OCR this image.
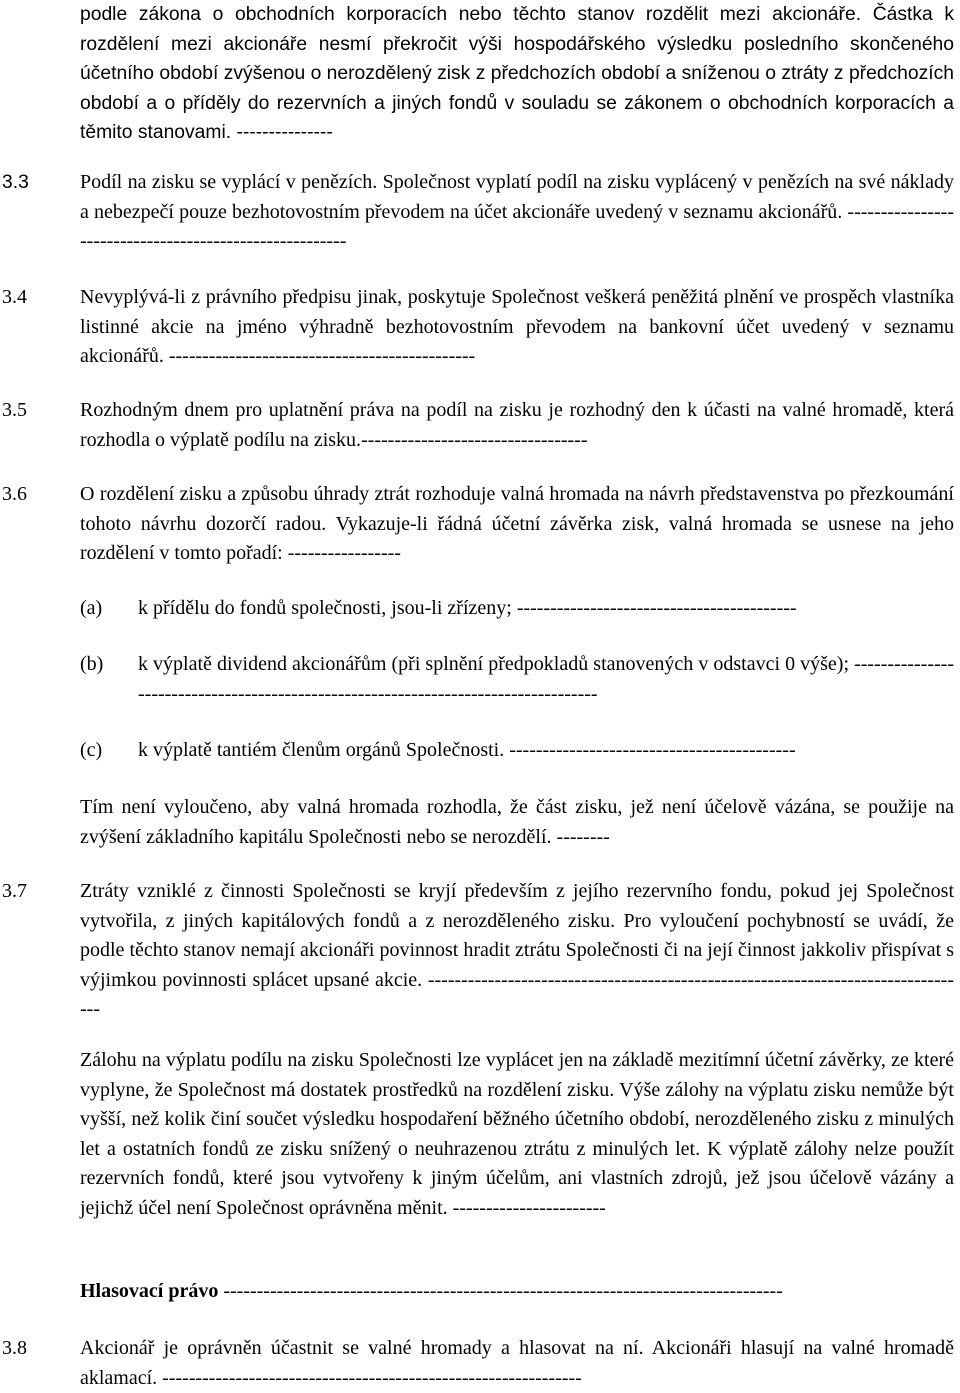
podle zákona o obchodních korporacích nebo těchto stanov rozdělit mezi akcionáře. Částka k rozdělení mezi akcionáře nesmí překročit výši hospodářského výsledku posledního skončeného účetního období zvýšenou o nerozdělený zisk z předchozích období a sníženou o ztráty z předchozích období a o příděly do rezervních a jiných fondů v souladu se zákonem o obchodních korporacích a těmito stanovami. ---------------
3.3	Podíl na zisku se vyplácí v penězích. Společnost vyplatí podíl na zisku vyplácený v penězích na své náklady a nebezpečí pouze bezhotovostním převodem na účet akcionáře uvedený v seznamu akcionářů. --------------------------------------------------------
3.4	Nevyplývá-li z právního předpisu jinak, poskytuje Společnost veškerá peněžitá plnění ve prospěch vlastníka listinné akcie na jméno výhradně bezhotovostním převodem na bankovní účet uvedený v seznamu akcionářů. ----------------------------------------------
3.5	Rozhodným dnem pro uplatnění práva na podíl na zisku je rozhodný den k účasti na valné hromadě, která rozhodla o výplatě podílu na zisku.----------------------------------
3.6	O rozdělení zisku a způsobu úhrady ztrát rozhoduje valná hromada na návrh představenstva po přezkoumání tohoto návrhu dozorčí radou. Vykazuje-li řádná účetní závěrka zisk, valná hromada se usnese na jeho rozdělení v tomto pořadí: -----------------
(a) k přídělu do fondů společnosti, jsou-li zřízeny; ------------------------------------------
(b) k výplatě dividend akcionářům (při splnění předpokladů stanovených v odstavci 0 výše); ------------------------------------------------------------------------------------
(c) k výplatě tantiém členům orgánů Společnosti. -------------------------------------------
Tím není vyloučeno, aby valná hromada rozhodla, že část zisku, jež není účelově vázána, se použije na zvýšení základního kapitálu Společnosti nebo se nerozdělí. --------
3.7	Ztráty vzniklé z činnosti Společnosti se kryjí především z jejího rezervního fondu, pokud jej Společnost vytvořila, z jiných kapitálových fondů a z nerozděleného zisku. Pro vyloučení pochybností se uvádí, že podle těchto stanov nemají akcionáři povinnost hradit ztrátu Společnosti či na její činnost jakkoliv přispívat s výjimkou povinnosti splácet upsané akcie. ----------------------------------------------------------------------------------
Zálohu na výplatu podílu na zisku Společnosti lze vyplácet jen na základě mezitímní účetní závěrky, ze které vyplyne, že Společnost má dostatek prostředků na rozdělení zisku. Výše zálohy na výplatu zisku nemůže být vyšší, než kolik činí součet výsledku hospodaření běžného účetního období, nerozděleného zisku z minulých let a ostatních fondů ze zisku snížený o neuhrazenou ztrátu z minulých let. K výplatě zálohy nelze použít rezervních fondů, které jsou vytvořeny k jiným účelům, ani vlastních zdrojů, jež jsou účelově vázány a jejichž účel není Společnost oprávněna měnit. -----------------------
Hlasovací právo ------------------------------------------------------------------------------------
3.8	Akcionář je oprávněn účastnit se valné hromady a hlasovat na ní. Akcionáři hlasují na valné hromadě aklamací. ---------------------------------------------------------------
